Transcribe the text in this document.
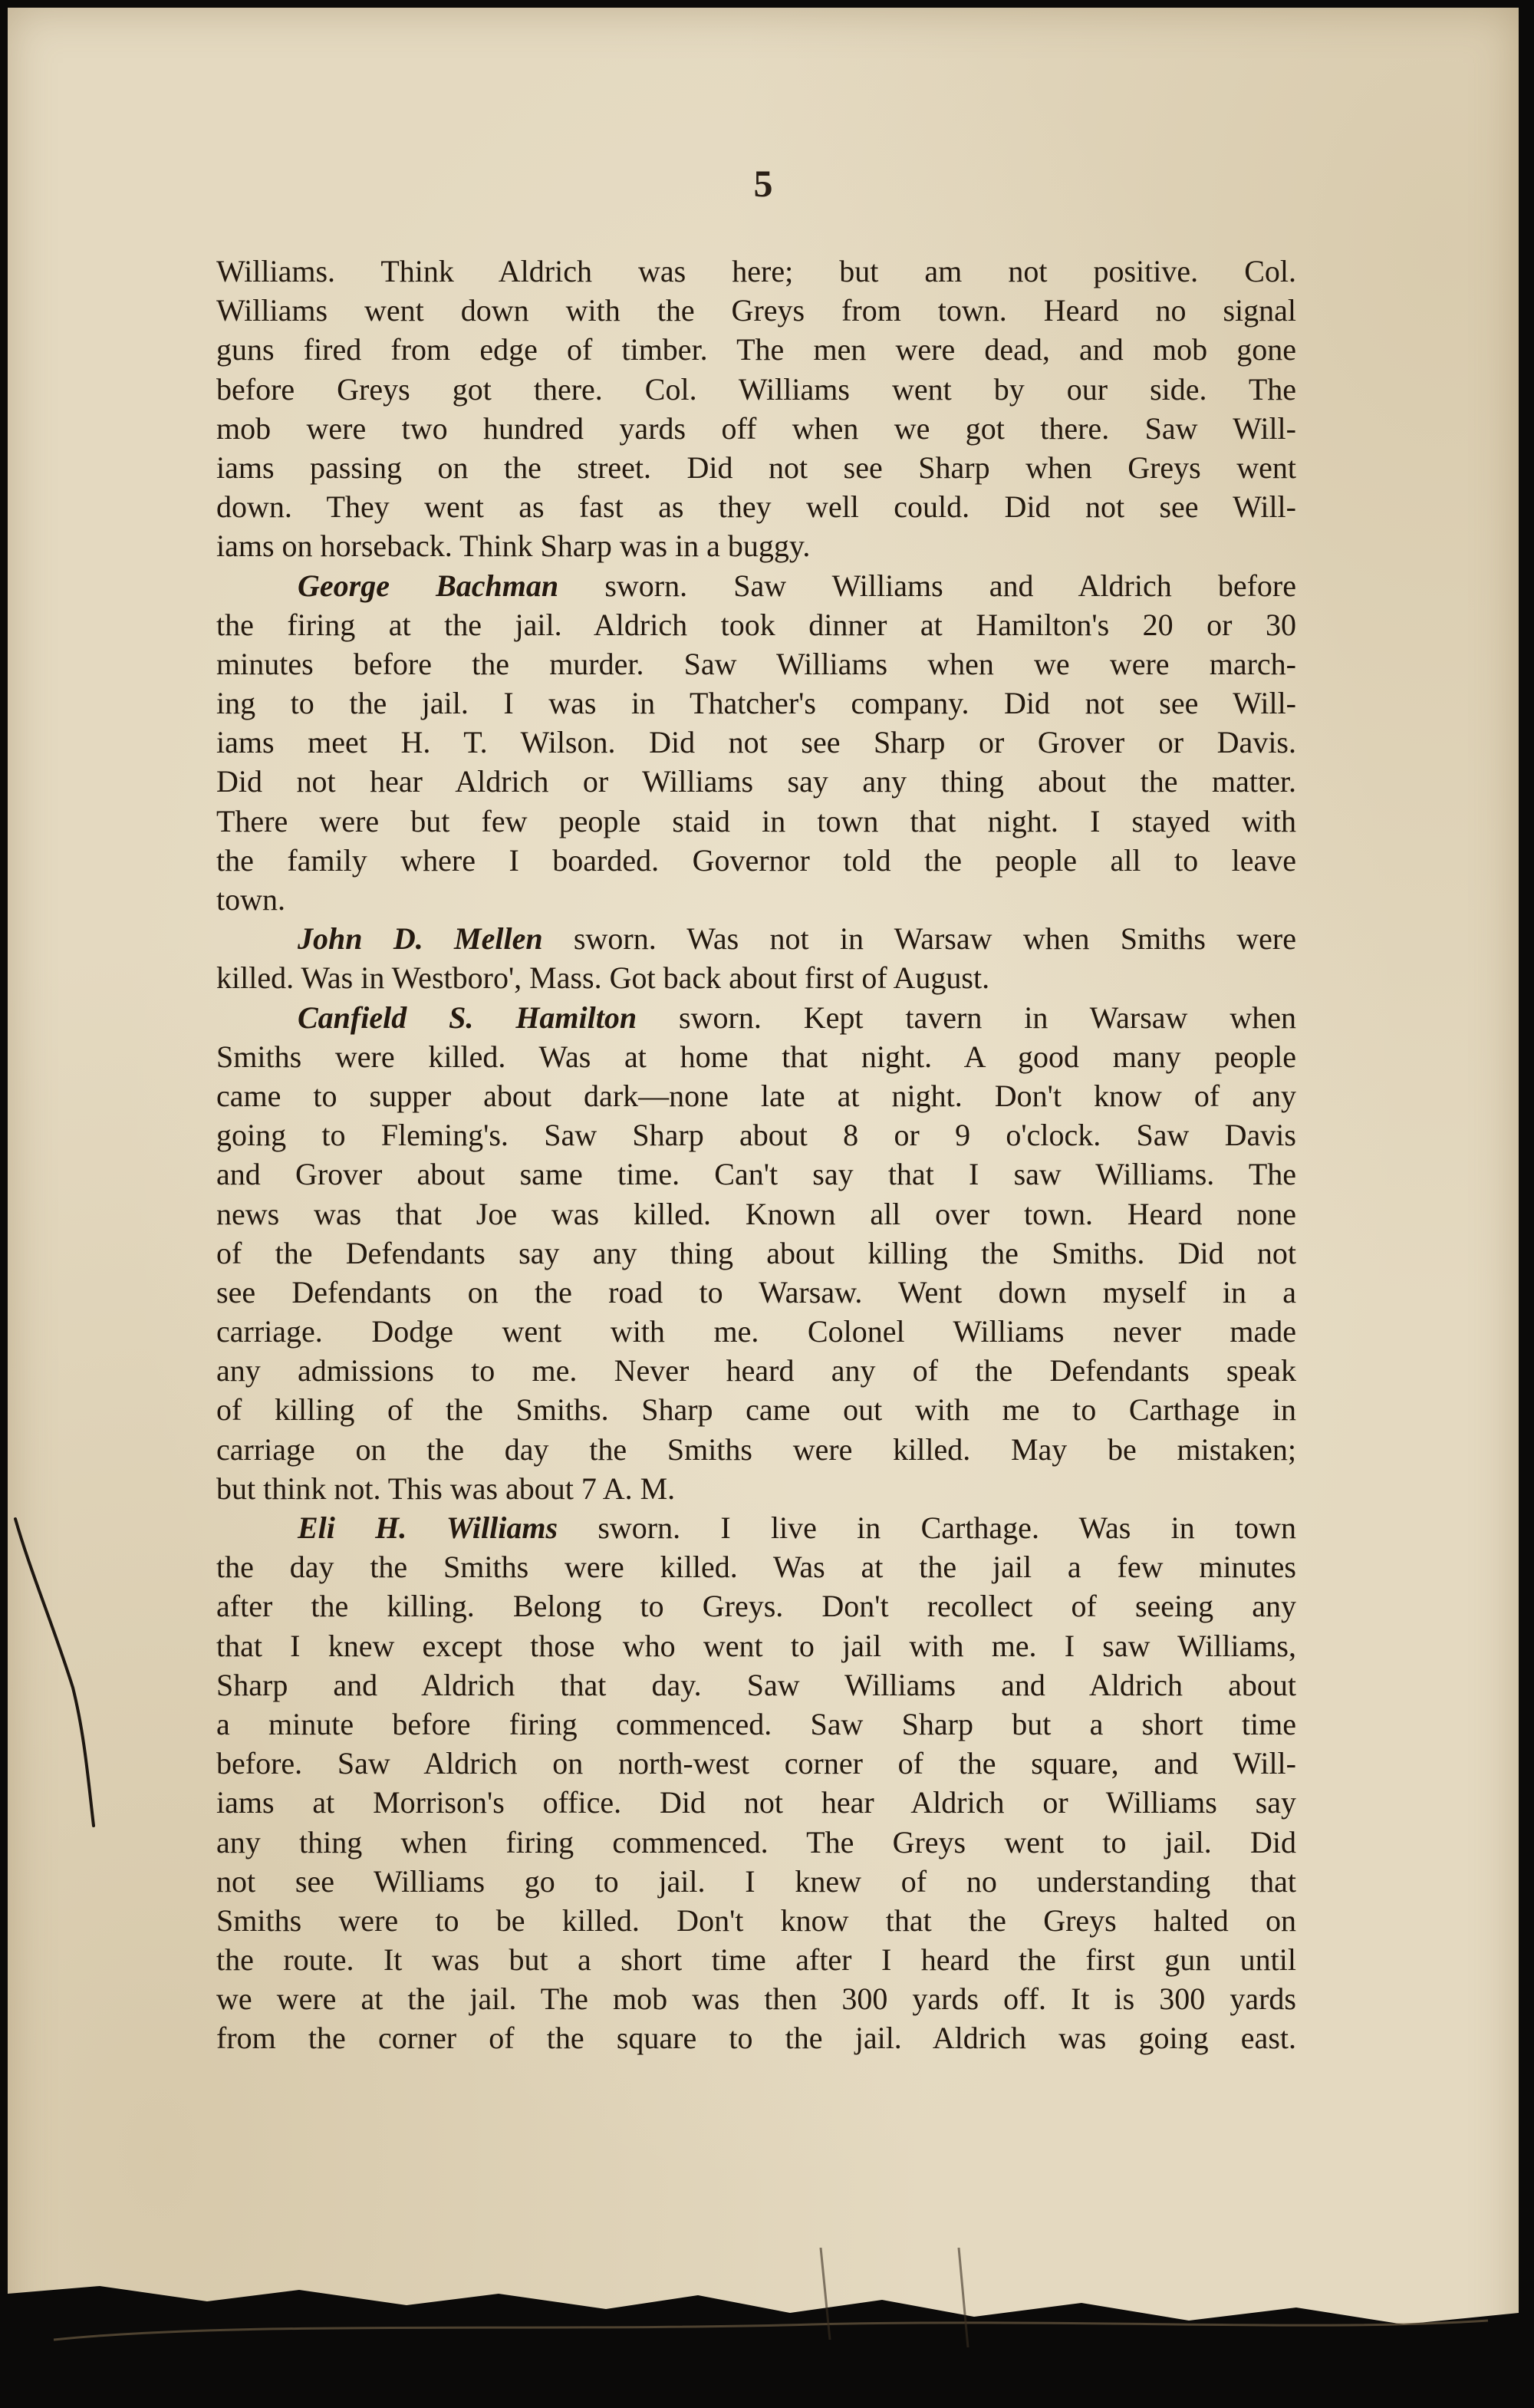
5
Williams. Think Aldrich was here; but am not positive. Col.
Williams went down with the Greys from town. Heard no signal
guns fired from edge of timber. The men were dead, and mob gone
before Greys got there. Col. Williams went by our side. The
mob were two hundred yards off when we got there. Saw Will-
iams passing on the street. Did not see Sharp when Greys went
down. They went as fast as they well could. Did not see Will-
iams on horseback. Think Sharp was in a buggy.
George Bachman sworn. Saw Williams and Aldrich before
the firing at the jail. Aldrich took dinner at Hamilton's 20 or 30
minutes before the murder. Saw Williams when we were march-
ing to the jail. I was in Thatcher's company. Did not see Will-
iams meet H. T. Wilson. Did not see Sharp or Grover or Davis.
Did not hear Aldrich or Williams say any thing about the matter.
There were but few people staid in town that night. I stayed with
the family where I boarded. Governor told the people all to leave
town.
John D. Mellen sworn. Was not in Warsaw when Smiths were
killed. Was in Westboro', Mass. Got back about first of August.
Canfield S. Hamilton sworn. Kept tavern in Warsaw when
Smiths were killed. Was at home that night. A good many people
came to supper about dark—none late at night. Don't know of any
going to Fleming's. Saw Sharp about 8 or 9 o'clock. Saw Davis
and Grover about same time. Can't say that I saw Williams. The
news was that Joe was killed. Known all over town. Heard none
of the Defendants say any thing about killing the Smiths. Did not
see Defendants on the road to Warsaw. Went down myself in a
carriage. Dodge went with me. Colonel Williams never made
any admissions to me. Never heard any of the Defendants speak
of killing of the Smiths. Sharp came out with me to Carthage in
carriage on the day the Smiths were killed. May be mistaken;
but think not. This was about 7 A. M.
Eli H. Williams sworn. I live in Carthage. Was in town
the day the Smiths were killed. Was at the jail a few minutes
after the killing. Belong to Greys. Don't recollect of seeing any
that I knew except those who went to jail with me. I saw Williams,
Sharp and Aldrich that day. Saw Williams and Aldrich about
a minute before firing commenced. Saw Sharp but a short time
before. Saw Aldrich on north-west corner of the square, and Will-
iams at Morrison's office. Did not hear Aldrich or Williams say
any thing when firing commenced. The Greys went to jail. Did
not see Williams go to jail. I knew of no understanding that
Smiths were to be killed. Don't know that the Greys halted on
the route. It was but a short time after I heard the first gun until
we were at the jail. The mob was then 300 yards off. It is 300 yards
from the corner of the square to the jail. Aldrich was going east.
